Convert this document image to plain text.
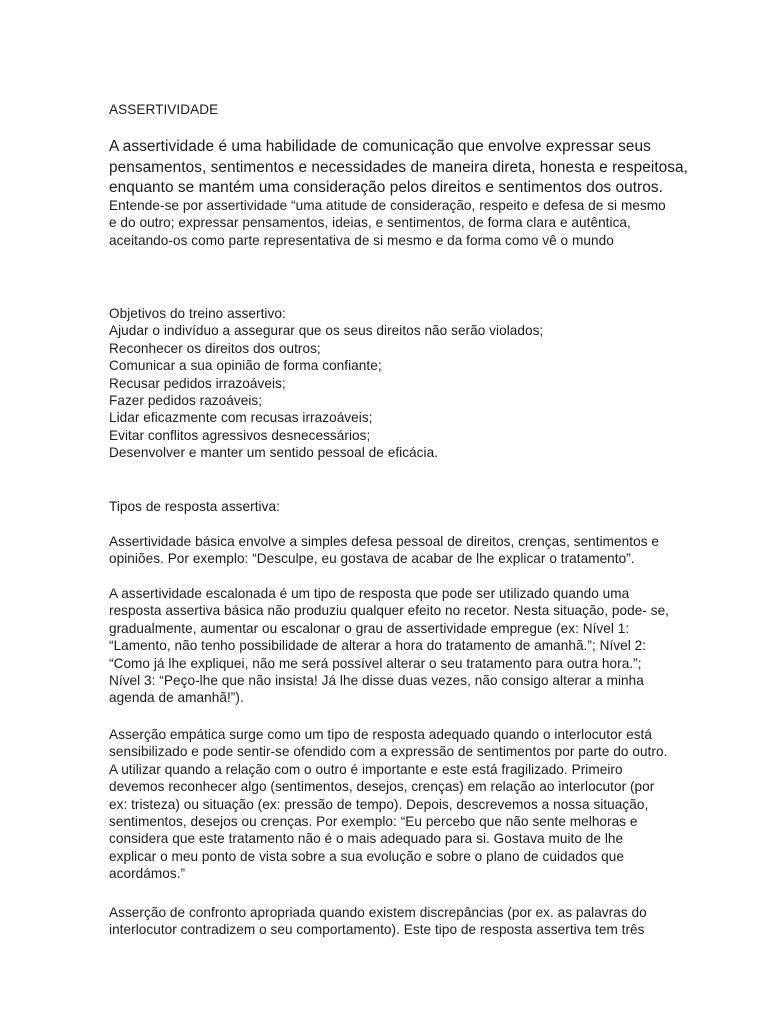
ASSERTIVIDADE
A assertividade é uma habilidade de comunicação que envolve expressar seus
pensamentos, sentimentos e necessidades de maneira direta, honesta e respeitosa,
enquanto se mantém uma consideração pelos direitos e sentimentos dos outros.
Entende-se por assertividade “uma atitude de consideração, respeito e defesa de si mesmo
e do outro; expressar pensamentos, ideias, e sentimentos, de forma clara e autêntica,
aceitando-os como parte representativa de si mesmo e da forma como vê o mundo
Objetivos do treino assertivo:
Ajudar o indivíduo a assegurar que os seus direitos não serão violados;
Reconhecer os direitos dos outros;
Comunicar a sua opinião de forma confiante;
Recusar pedidos irrazoáveis;
Fazer pedidos razoáveis;
Lidar eficazmente com recusas irrazoáveis;
Evitar conflitos agressivos desnecessários;
Desenvolver e manter um sentido pessoal de eficácia.
Tipos de resposta assertiva:
Assertividade básica envolve a simples defesa pessoal de direitos, crenças, sentimentos e
opiniões. Por exemplo: “Desculpe, eu gostava de acabar de lhe explicar o tratamento”.
A assertividade escalonada é um tipo de resposta que pode ser utilizado quando uma
resposta assertiva básica não produziu qualquer efeito no recetor. Nesta situação, pode- se,
gradualmente, aumentar ou escalonar o grau de assertividade empregue (ex: Nível 1:
“Lamento, não tenho possibilidade de alterar a hora do tratamento de amanhã.”; Nível 2:
“Como já lhe expliquei, não me será possível alterar o seu tratamento para outra hora.”;
Nível 3: “Peço-lhe que não insista! Já lhe disse duas vezes, não consigo alterar a minha
agenda de amanhã!”).
Asserção empática surge como um tipo de resposta adequado quando o interlocutor está
sensibilizado e pode sentir-se ofendido com a expressão de sentimentos por parte do outro.
A utilizar quando a relação com o outro é importante e este está fragilizado. Primeiro
devemos reconhecer algo (sentimentos, desejos, crenças) em relação ao interlocutor (por
ex: tristeza) ou situação (ex: pressão de tempo). Depois, descrevemos a nossa situação,
sentimentos, desejos ou crenças. Por exemplo: “Eu percebo que não sente melhoras e
considera que este tratamento não é o mais adequado para si. Gostava muito de lhe
explicar o meu ponto de vista sobre a sua evolução e sobre o plano de cuidados que
acordámos.”
Asserção de confronto apropriada quando existem discrepâncias (por ex. as palavras do
interlocutor contradizem o seu comportamento). Este tipo de resposta assertiva tem três
